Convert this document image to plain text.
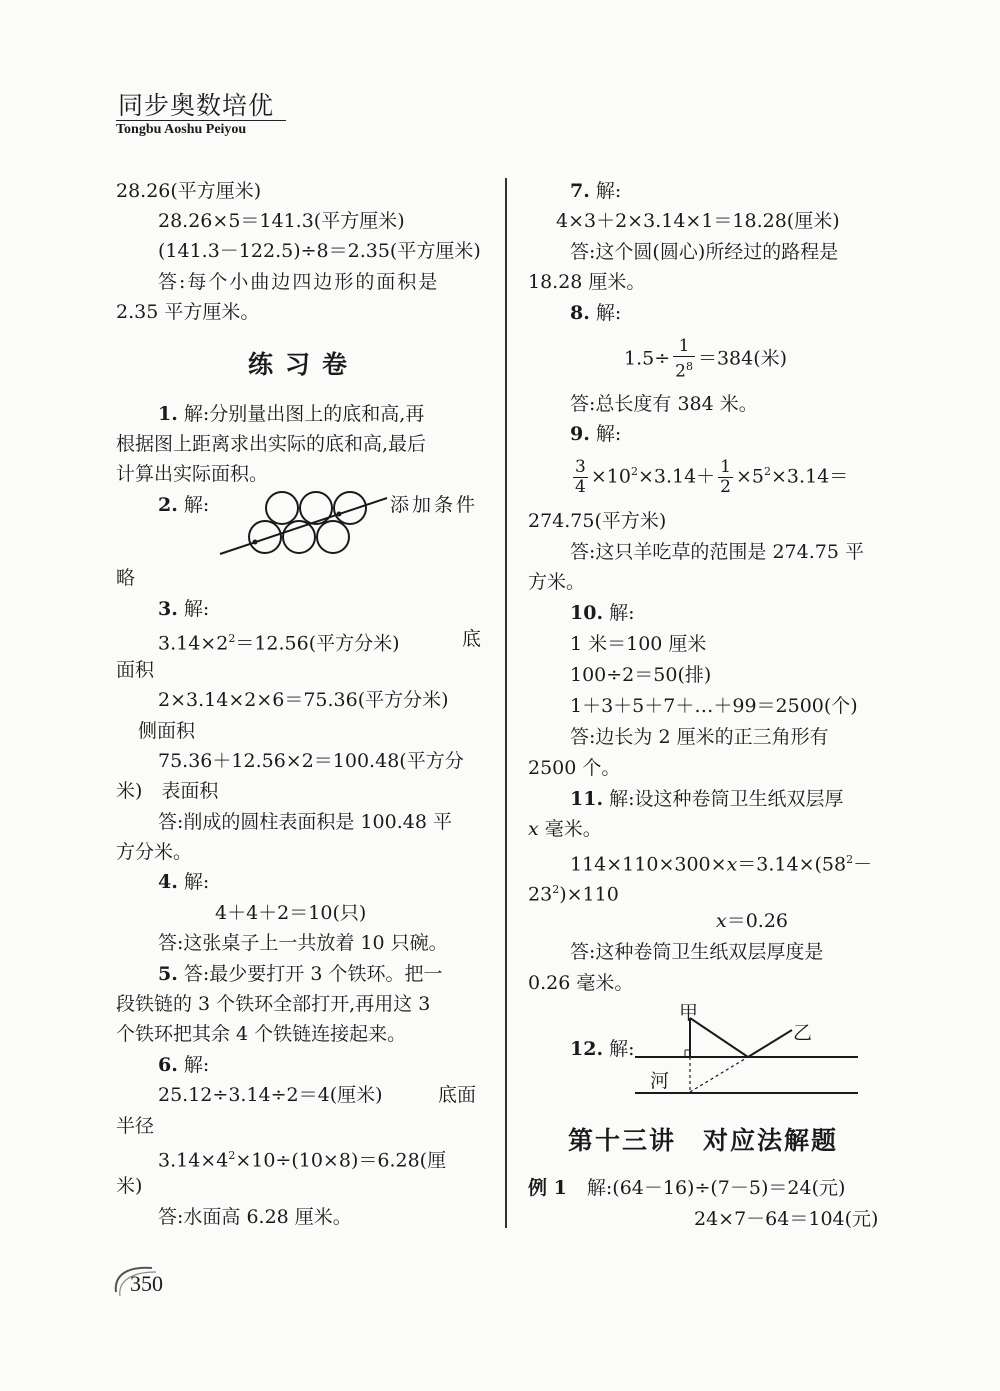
同步奥数培优
Tongbu Aoshu Peiyou
28.26(平方厘米)
28.26×5＝141.3(平方厘米)
(141.3－122.5)÷8＝2.35(平方厘米)
答:每个小曲边四边形的面积是
2.35 平方厘米。
练习卷
1. 解:分别量出图上的底和高,再
根据图上距离求出实际的底和高,最后
计算出实际面积。
2. 解:	添加条件
略
3. 解:
$3.14\times 2^2=12.56$(平方分米)	底
面积
2×3.14×2×6＝75.36(平方分米)
侧面积
75.36＋12.56×2＝100.48(平方分
米)　表面积
答:削成的圆柱表面积是 100.48 平
方分米。
4. 解:
4＋4＋2＝10(只)
答:这张桌子上一共放着 10 只碗。
5. 答:最少要打开 3 个铁环。把一
段铁链的 3 个铁环全部打开,再用这 3
个铁环把其余 4 个铁链连接起来。
6. 解:
25.12÷3.14÷2＝4(厘米)	底面
半径
$3.14\times 4^2\times 10\div(10\times 8)=6.28$(厘
米)
答:水面高 6.28 厘米。
7. 解:
4×3＋2×3.14×1＝18.28(厘米)
答:这个圆(圆心)所经过的路程是
18.28 厘米。
8. 解:
$1.5\div \frac{1}{2^8} =384$(米)
答:总长度有 384 米。
9. 解:
$\frac{3}{4} \times 10^2\times 3.14+ \frac{1}{2} \times 5^2\times 3.14=$
274.75(平方米)
答:这只羊吃草的范围是 274.75 平
方米。
10. 解:
1 米＝100 厘米
100÷2＝50(排)
1＋3＋5＋7＋…＋99＝2500(个)
答:边长为 2 厘米的正三角形有
2500 个。
11. 解:设这种卷筒卫生纸双层厚
x 毫米。
$114\times 110\times 300\times x=3.14\times(58^2-$
$23^2)\times 110$
x＝0.26
答:这种卷筒卫生纸双层厚度是
0.26 毫米。
12. 解:
甲
乙
河
第十三讲　对应法解题
例 1 解:(64－16)÷(7－5)＝24(元)
24×7－64＝104(元)
350
